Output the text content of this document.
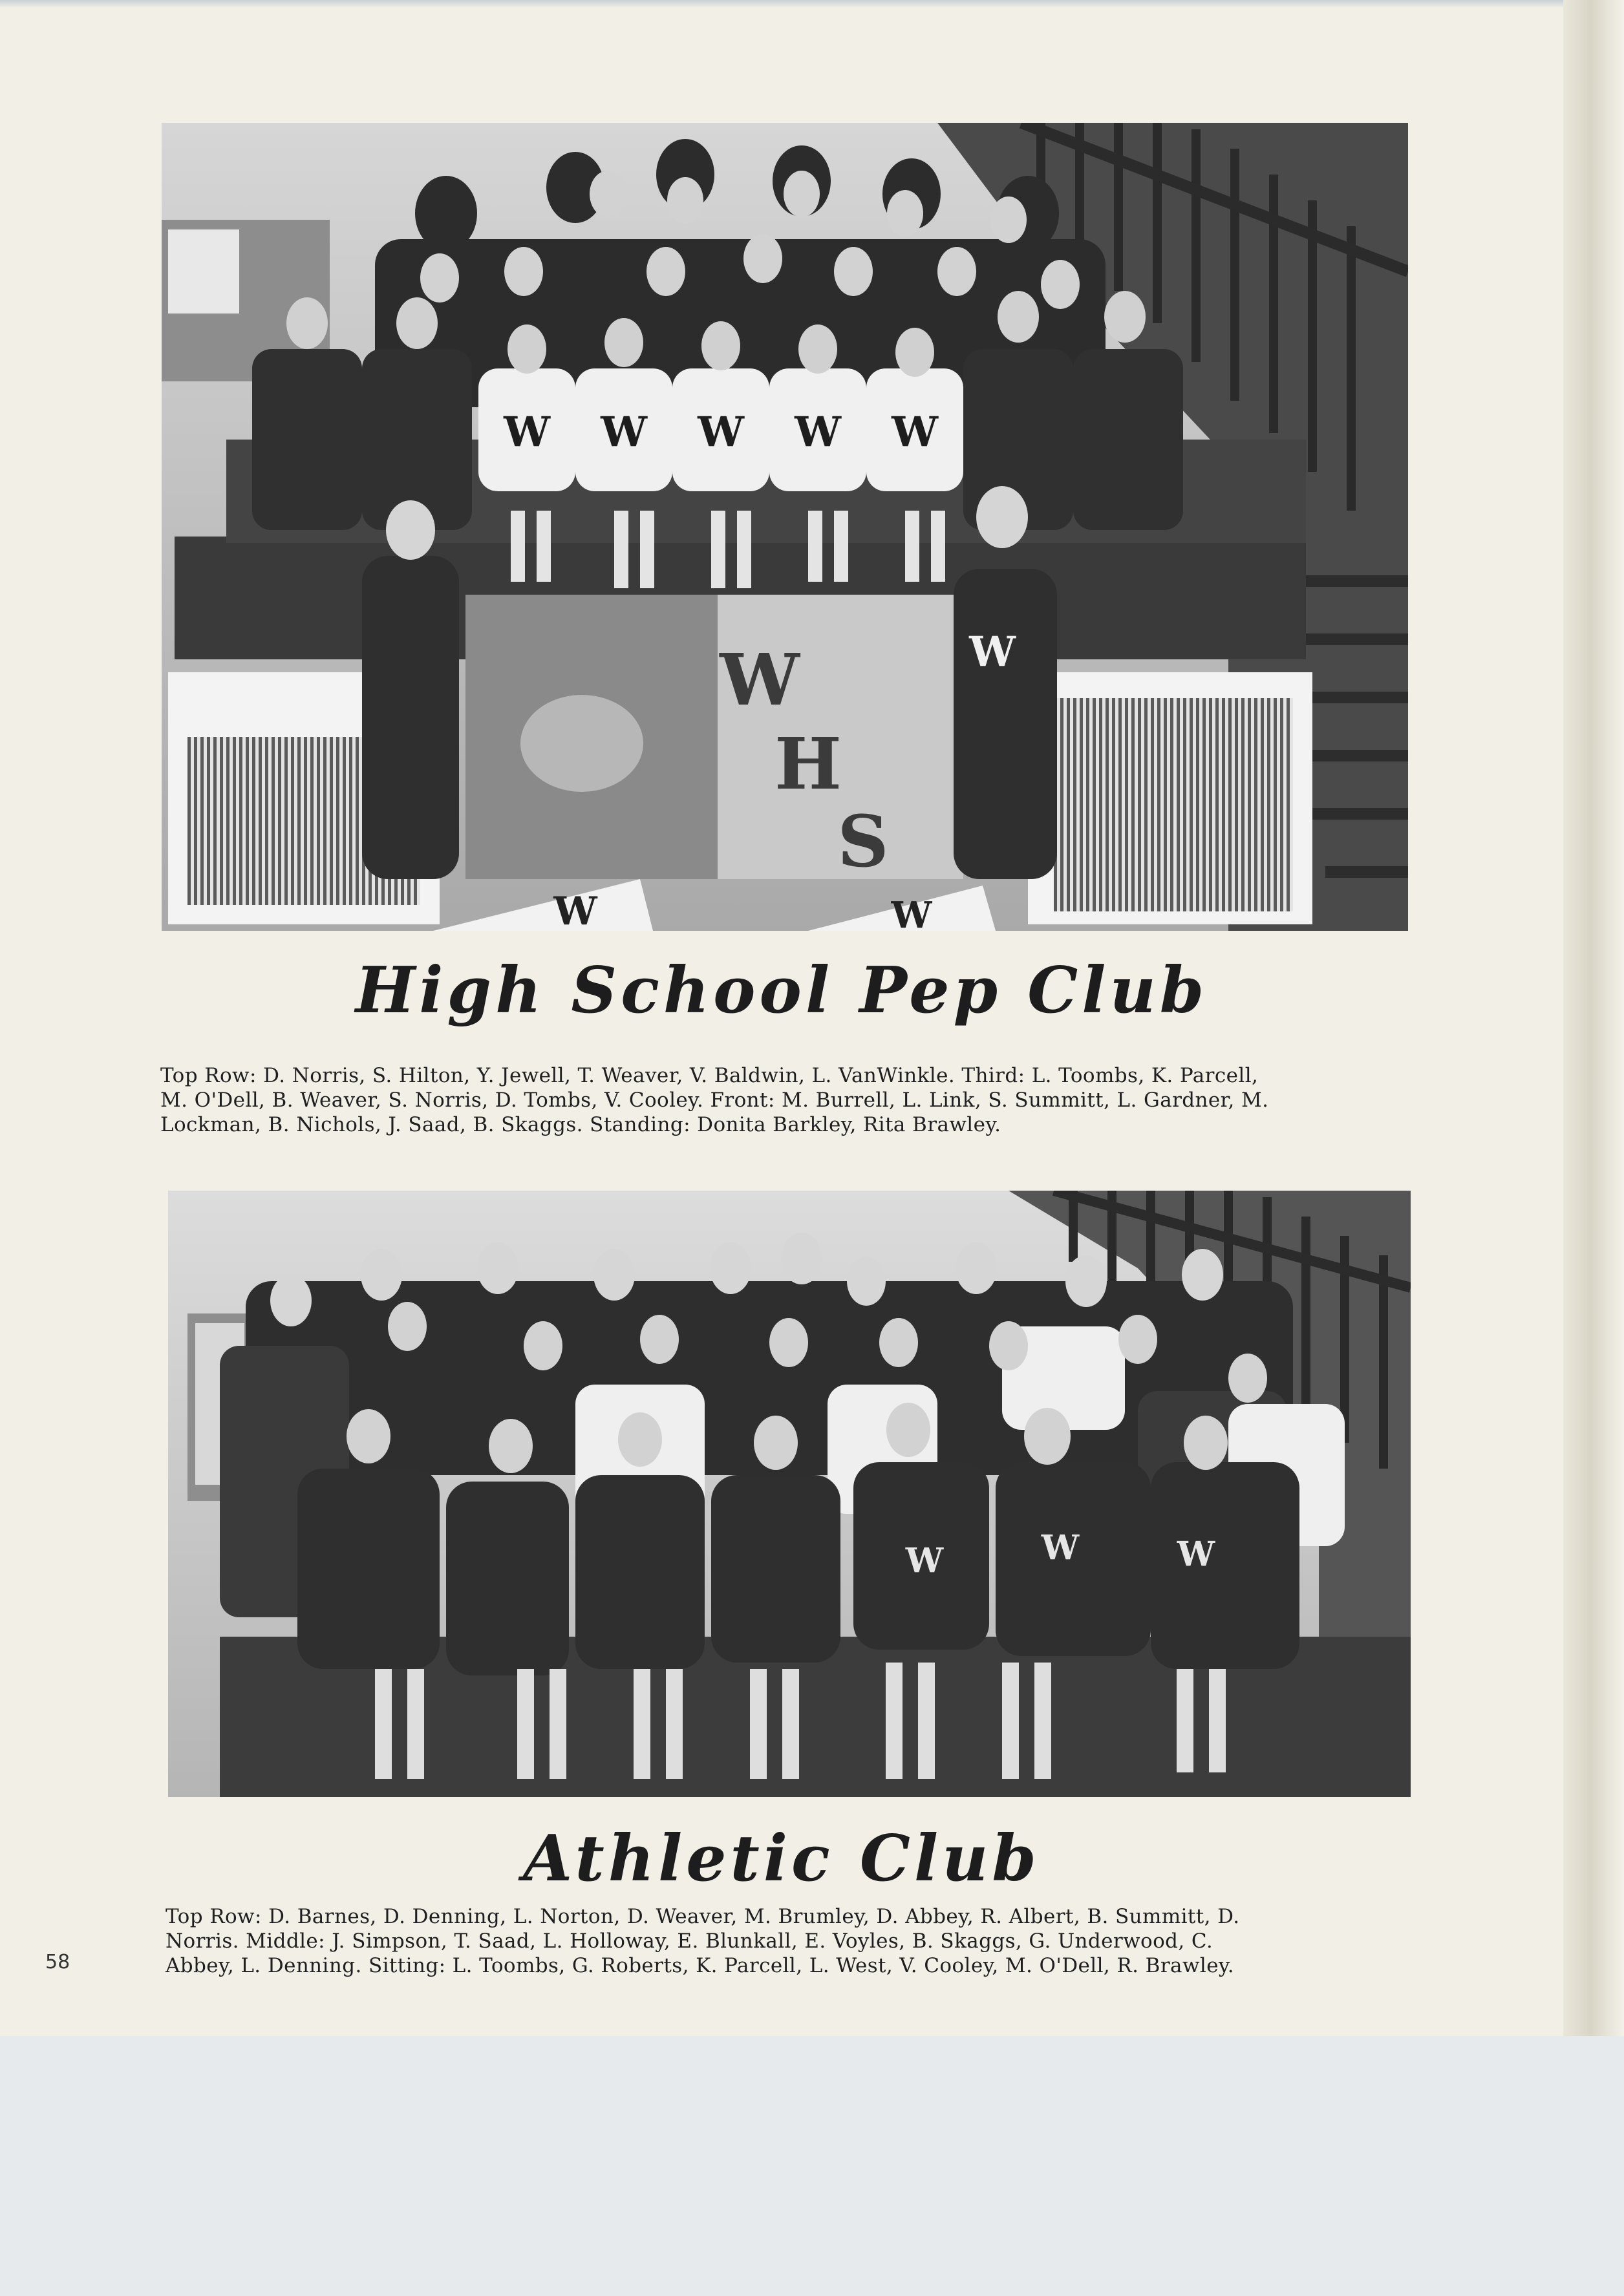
W W W W W
W
H
S
W
W	W
High School Pep Club
Top Row: D. Norris, S. Hilton, Y. Jewell, T. Weaver, V. Baldwin, L. VanWinkle. Third: L. Toombs, K. Parcell,
M. O'Dell, B. Weaver, S. Norris, D. Tombs, V. Cooley. Front: M. Burrell, L. Link, S. Summitt, L. Gardner, M.
Lockman, B. Nichols, J. Saad, B. Skaggs. Standing: Donita Barkley, Rita Brawley.
W	W	W
Athletic Club
Top Row: D. Barnes, D. Denning, L. Norton, D. Weaver, M. Brumley, D. Abbey, R. Albert, B. Summitt, D.
Norris. Middle: J. Simpson, T. Saad, L. Holloway, E. Blunkall, E. Voyles, B. Skaggs, G. Underwood, C.
Abbey, L. Denning. Sitting: L. Toombs, G. Roberts, K. Parcell, L. West, V. Cooley, M. O'Dell, R. Brawley.
58
